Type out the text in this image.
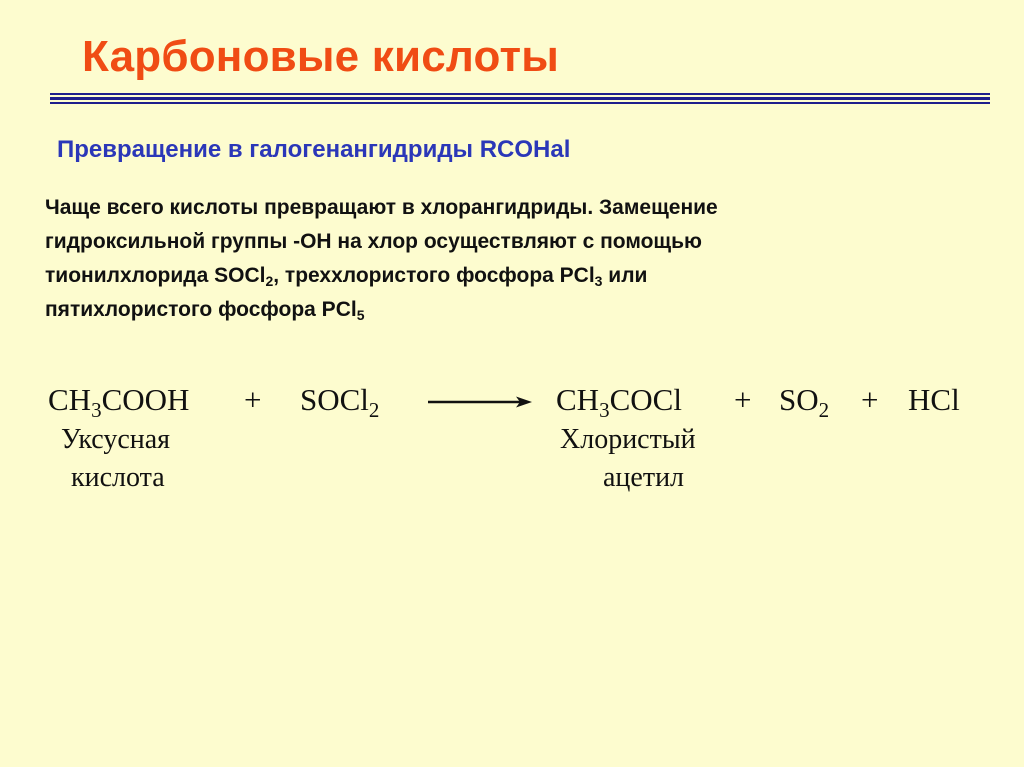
Карбоновые кислоты
Превращение в галогенангидриды RCOHal
Чаще всего кислоты превращают в хлорангидриды. Замещение
гидроксильной группы -OH на хлор осуществляют с помощью
тионилхлорида SOCl$_2$, треххлористого фосфора PCl$_3$ или
пятихлористого фосфора PCl$_5$
$CH_3COOH$ + SOCl$_2$	$CH_3COCl + SO_2$ + HCl
Уксусная
кислота
Хлористый
ацетил
